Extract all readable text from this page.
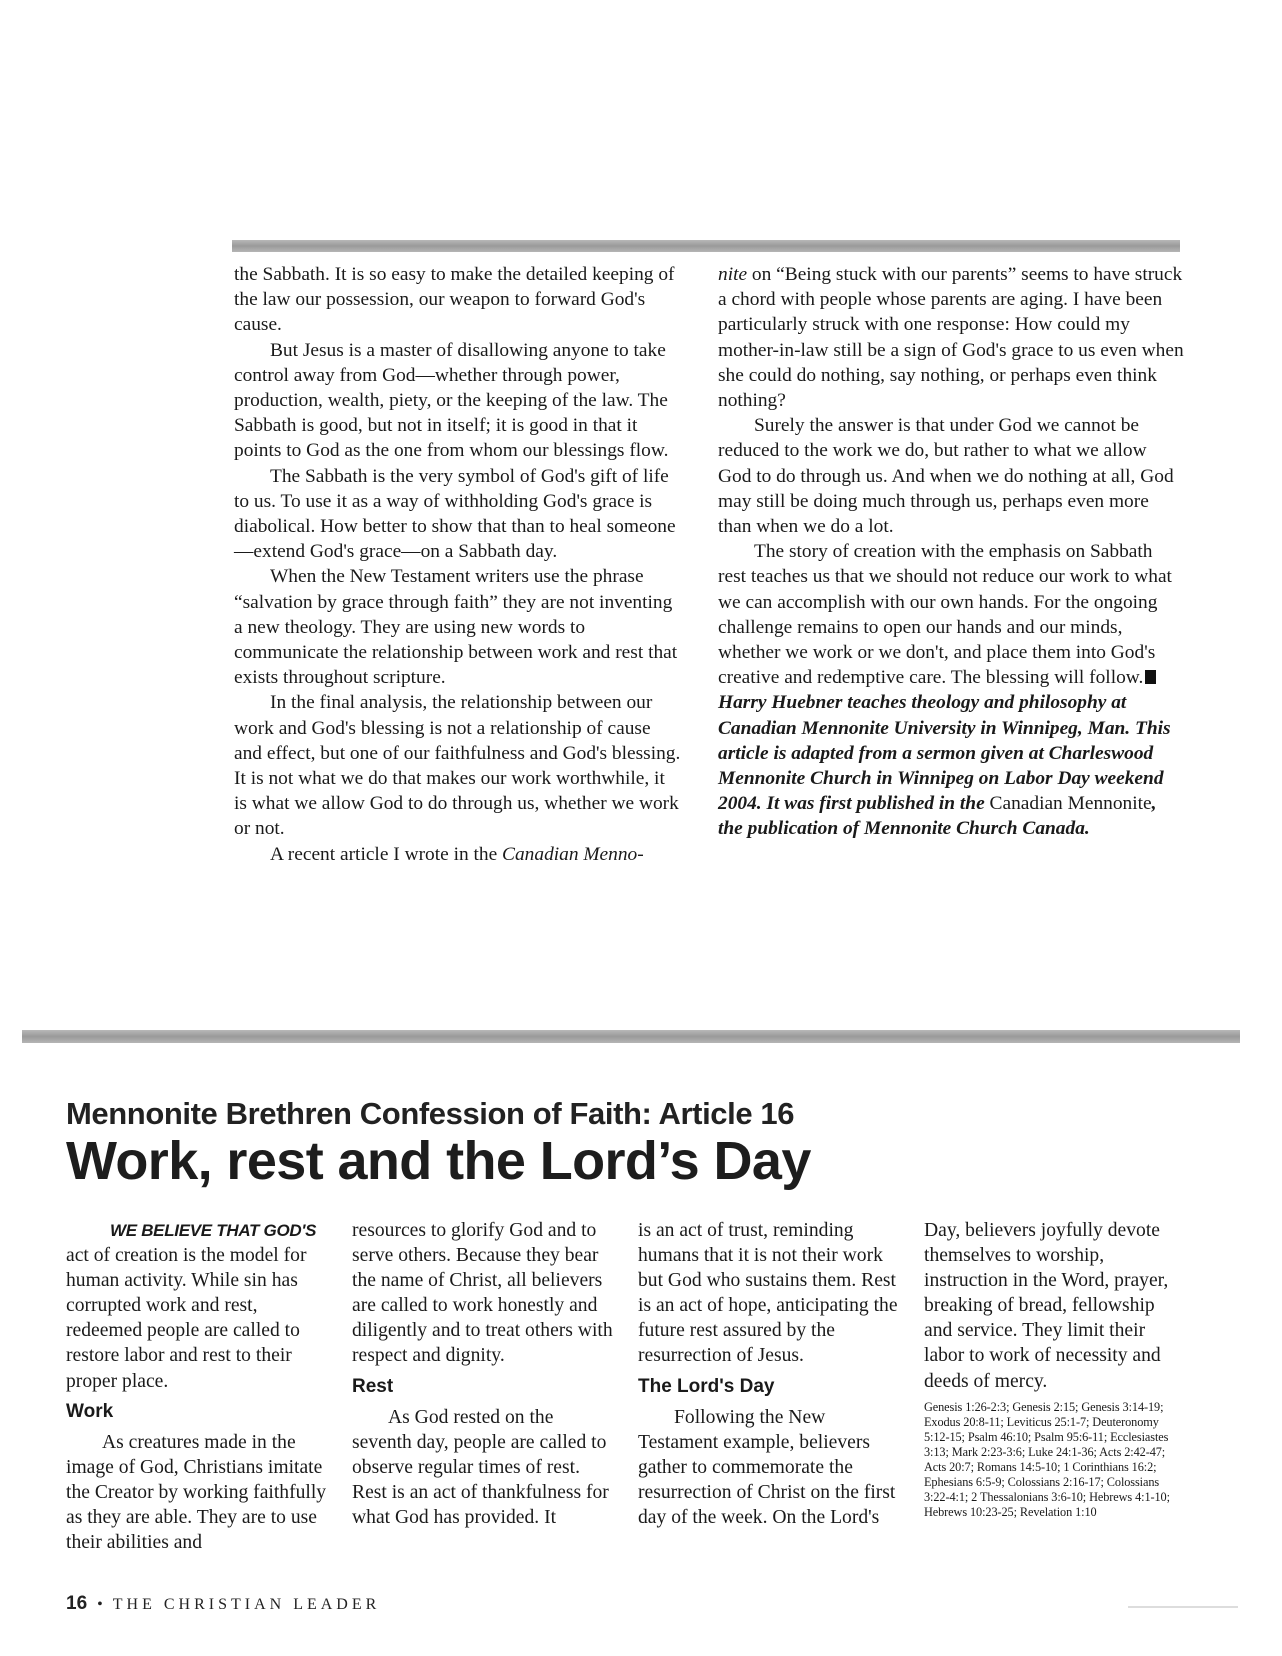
the Sabbath. It is so easy to make the detailed keeping of the law our possession, our weapon to forward God's cause.

But Jesus is a master of disallowing anyone to take control away from God—whether through power, production, wealth, piety, or the keeping of the law. The Sabbath is good, but not in itself; it is good in that it points to God as the one from whom our blessings flow.

The Sabbath is the very symbol of God's gift of life to us. To use it as a way of withholding God's grace is diabolical. How better to show that than to heal someone—extend God's grace—on a Sabbath day.

When the New Testament writers use the phrase “salvation by grace through faith” they are not inventing a new theology. They are using new words to communicate the relationship between work and rest that exists throughout scripture.

In the final analysis, the relationship between our work and God's blessing is not a relationship of cause and effect, but one of our faithfulness and God's blessing. It is not what we do that makes our work worthwhile, it is what we allow God to do through us, whether we work or not.

A recent article I wrote in the Canadian Menno-

nite on “Being stuck with our parents” seems to have struck a chord with people whose parents are aging. I have been particularly struck with one response: How could my mother-in-law still be a sign of God's grace to us even when she could do nothing, say nothing, or perhaps even think nothing?

Surely the answer is that under God we cannot be reduced to the work we do, but rather to what we allow God to do through us. And when we do nothing at all, God may still be doing much through us, perhaps even more than when we do a lot.

The story of creation with the emphasis on Sabbath rest teaches us that we should not reduce our work to what we can accomplish with our own hands. For the ongoing challenge remains to open our hands and our minds, whether we work or we don't, and place them into God's creative and redemptive care. The blessing will follow.

Harry Huebner teaches theology and philosophy at Canadian Mennonite University in Winnipeg, Man. This article is adapted from a sermon given at Charleswood Mennonite Church in Winnipeg on Labor Day weekend 2004. It was first published in the Canadian Mennonite, the publication of Mennonite Church Canada.

Mennonite Brethren Confession of Faith: Article 16
Work, rest and the Lord’s Day

WE BELIEVE THAT GOD'S

act of creation is the model for human activity. While sin has corrupted work and rest, redeemed people are called to restore labor and rest to their proper place.

Work

As creatures made in the image of God, Christians imitate the Creator by working faithfully as they are able. They are to use their abilities and

resources to glorify God and to serve others. Because they bear the name of Christ, all believers are called to work honestly and diligently and to treat others with respect and dignity.

Rest

As God rested on the seventh day, people are called to observe regular times of rest. Rest is an act of thankfulness for what God has provided. It

is an act of trust, reminding humans that it is not their work but God who sustains them. Rest is an act of hope, anticipating the future rest assured by the resurrection of Jesus.

The Lord's Day

Following the New Testament example, believers gather to commemorate the resurrection of Christ on the first day of the week. On the Lord's

Day, believers joyfully devote themselves to worship, instruction in the Word, prayer, breaking of bread, fellowship and service. They limit their labor to work of necessity and deeds of mercy.

Genesis 1:26-2:3; Genesis 2:15; Genesis 3:14-19; Exodus 20:8-11; Leviticus 25:1-7; Deuteronomy 5:12-15; Psalm 46:10; Psalm 95:6-11; Ecclesiastes 3:13; Mark 2:23-3:6; Luke 24:1-36; Acts 2:42-47; Acts 20:7; Romans 14:5-10; 1 Corinthians 16:2; Ephesians 6:5-9; Colossians 2:16-17; Colossians 3:22-4:1; 2 Thessalonians 3:6-10; Hebrews 4:1-10; Hebrews 10:23-25; Revelation 1:10

16 • THE CHRISTIAN LEADER
